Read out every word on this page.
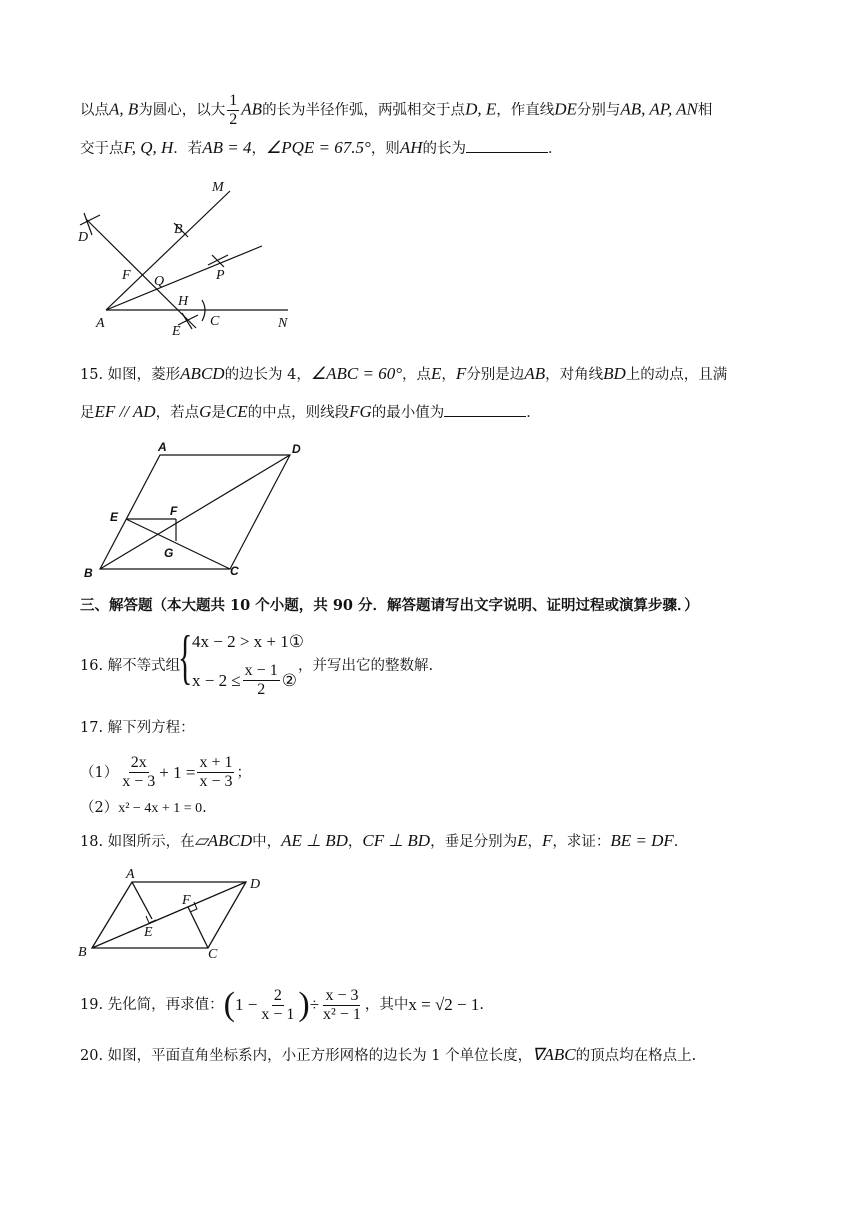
以点A, B为圆心，以大 $\frac{1}{2}$ AB的长为半径作弧，两弧相交于点D, E，作直线DE分别与AB, AP, AN相
交于点F, Q, H．若AB = 4，∠PQE = 67.5°，则AH的长为	．
M
B
D
P
F Q
H
A	C
E
N
15. 如图，菱形ABCD的边长为 4，∠ABC = 60°，点E，F分别是边AB，对角线BD上的动点，且满
足EF // AD，若点G是CE的中点，则线段FG的最小值为	．
A	D
E	F
G
B	C
三、解答题（本大题共 10 个小题，共 90 分．解答题请写出文字说明、证明过程或演算步骤．）
16. 解不等式组
{ 4x − 2 > x + 1①
$x - 2 \le \frac{x - 1}{2}$ ②
，并写出它的整数解.
17. 解下列方程：
$(1) \frac{2x}{x - 3} + 1 = \frac{x + 1}{x - 3}$ ；
（2）x² − 4x + 1 = 0.
18. 如图所示，在▱ABCD中，AE ⊥ BD，CF ⊥ BD，垂足分别为E，F，求证：BE = DF.
A
D
F
E
B	C
19. 先化简，再求值： ( $1 - \frac{2}{x - 1}$ ) ÷ $\frac{x - 3}{\text{x² − 1}}$ ，其中 x = √2 − 1 .
20. 如图，平面直角坐标系内，小正方形网格的边长为 1 个单位长度，∇ABC的顶点均在格点上.
